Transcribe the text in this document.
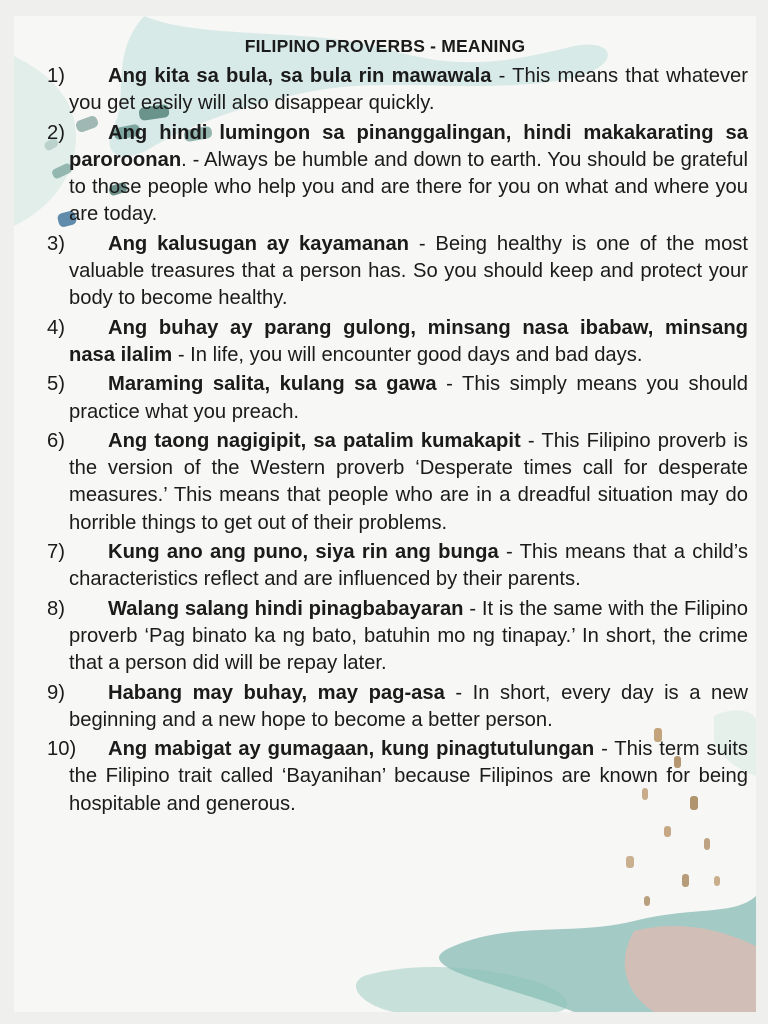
FILIPINO PROVERBS - MEANING
1) Ang kita sa bula, sa bula rin mawawala - This means that whatever you get easily will also disappear quickly.
2) Ang hindi lumingon sa pinanggalingan, hindi makakarating sa paroroonan. - Always be humble and down to earth. You should be grateful to those people who help you and are there for you on what and where you are today.
3) Ang kalusugan ay kayamanan - Being healthy is one of the most valuable treasures that a person has. So you should keep and protect your body to become healthy.
4) Ang buhay ay parang gulong, minsang nasa ibabaw, minsang nasa ilalim - In life, you will encounter good days and bad days.
5) Maraming salita, kulang sa gawa - This simply means you should practice what you preach.
6) Ang taong nagigipit, sa patalim kumakapit - This Filipino proverb is the version of the Western proverb ‘Desperate times call for desperate measures.’ This means that people who are in a dreadful situation may do horrible things to get out of their problems.
7) Kung ano ang puno, siya rin ang bunga - This means that a child’s characteristics reflect and are influenced by their parents.
8) Walang salang hindi pinagbabayaran - It is the same with the Filipino proverb ‘Pag binato ka ng bato, batuhin mo ng tinapay.’ In short, the crime that a person did will be repay later.
9) Habang may buhay, may pag-asa - In short, every day is a new beginning and a new hope to become a better person.
10) Ang mabigat ay gumagaan, kung pinagtutulungan - This term suits the Filipino trait called ‘Bayanihan’ because Filipinos are known for being hospitable and generous.
